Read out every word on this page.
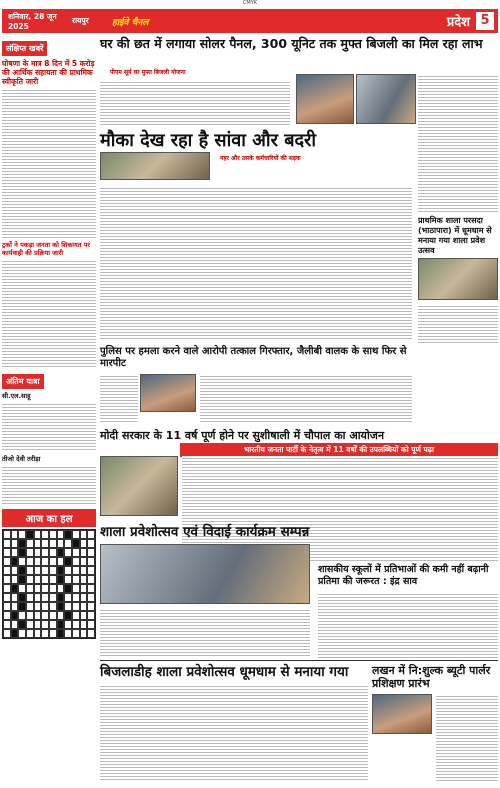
CMYK
शनिवार, 28 जून 2025
रायपुर	हाईवे चैनल	प्रदेश 5
संक्षिप्त खबरें
घोषणा के मात्र 8 दिन में 5 करोड़ की आर्थिक सहायता की प्राथमिक स्वीकृति जारी
ट्रकों ने पकड़ा जनता को शिकायत पर कार्यवाही की प्रक्रिया जारी
अंतिम यात्रा
सी.एल.साहू
तीजो देवी तरीड़ा
आज का हल
घर की छत में लगाया सोलर पैनल, 300 यूनिट तक मुफ्त बिजली का मिल रहा लाभ
पीएम सूर्य घर मुफ्त बिजली योजना
मौका देख रहा है सांवा और बदरी
नहर और उसके कर्मचारियों की सड़क
प्राथमिक शाला परसदा (भाठापारा) में धूमधाम से मनाया गया शाला प्रवेश उत्सव
पुलिस पर हमला करने वाले आरोपी तत्काल गिरफ्तार, जैलीबी वालक के साथ फिर से मारपीट
मोदी सरकार के 11 वर्ष पूर्ण होने पर सुशीषाली में चौपाल का आयोजन
भारतीय जनता पार्टी के नेतृत्व में 11 वर्षों की उपलब्धियों को पूर्ण पढ़ा
शाला प्रवेशोत्सव एवं विदाई कार्यक्रम सम्पन्न
शासकीय स्कूलों में प्रतिभाओं की कमी नहीं बढ़ानी प्रतिमा की जरूरत : इंद्र साव
बिजलाडीह शाला प्रवेशोत्सव धूमधाम से मनाया गया	लखन में नि:शुल्क ब्यूटी पार्लर प्रशिक्षण प्रारंभ
